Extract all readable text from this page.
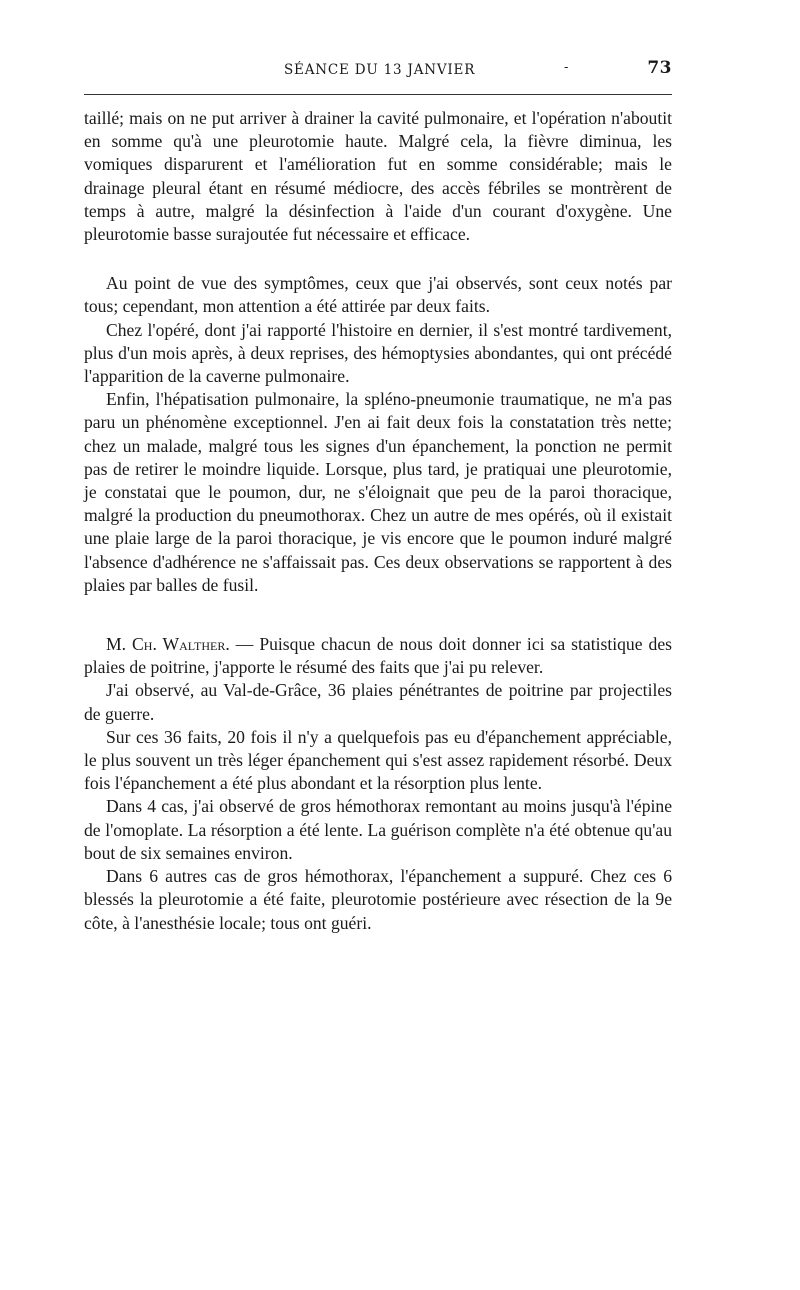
SÉANCE DU 13 JANVIER	-	73

taillé; mais on ne put arriver à drainer la cavité pulmonaire, et l'opération n'aboutit en somme qu'à une pleurotomie haute. Malgré cela, la fièvre diminua, les vomiques disparurent et l'amélioration fut en somme considérable; mais le drainage pleural étant en résumé médiocre, des accès fébriles se montrèrent de temps à autre, malgré la désinfection à l'aide d'un courant d'oxygène. Une pleurotomie basse surajoutée fut nécessaire et efficace.

Au point de vue des symptômes, ceux que j'ai observés, sont ceux notés par tous; cependant, mon attention a été attirée par deux faits.

Chez l'opéré, dont j'ai rapporté l'histoire en dernier, il s'est montré tardivement, plus d'un mois après, à deux reprises, des hémoptysies abondantes, qui ont précédé l'apparition de la caverne pulmonaire.

Enfin, l'hépatisation pulmonaire, la spléno-pneumonie traumatique, ne m'a pas paru un phénomène exceptionnel. J'en ai fait deux fois la constatation très nette; chez un malade, malgré tous les signes d'un épanchement, la ponction ne permit pas de retirer le moindre liquide. Lorsque, plus tard, je pratiquai une pleurotomie, je constatai que le poumon, dur, ne s'éloignait que peu de la paroi thoracique, malgré la production du pneumothorax. Chez un autre de mes opérés, où il existait une plaie large de la paroi thoracique, je vis encore que le poumon induré malgré l'absence d'adhérence ne s'affaissait pas. Ces deux observations se rapportent à des plaies par balles de fusil.

M. Ch. Walther. — Puisque chacun de nous doit donner ici sa statistique des plaies de poitrine, j'apporte le résumé des faits que j'ai pu relever.

J'ai observé, au Val-de-Grâce, 36 plaies pénétrantes de poitrine par projectiles de guerre.

Sur ces 36 faits, 20 fois il n'y a quelquefois pas eu d'épanchement appréciable, le plus souvent un très léger épanchement qui s'est assez rapidement résorbé. Deux fois l'épanchement a été plus abondant et la résorption plus lente.

Dans 4 cas, j'ai observé de gros hémothorax remontant au moins jusqu'à l'épine de l'omoplate. La résorption a été lente. La guérison complète n'a été obtenue qu'au bout de six semaines environ.

Dans 6 autres cas de gros hémothorax, l'épanchement a suppuré. Chez ces 6 blessés la pleurotomie a été faite, pleurotomie postérieure avec résection de la 9e côte, à l'anesthésie locale; tous ont guéri.
